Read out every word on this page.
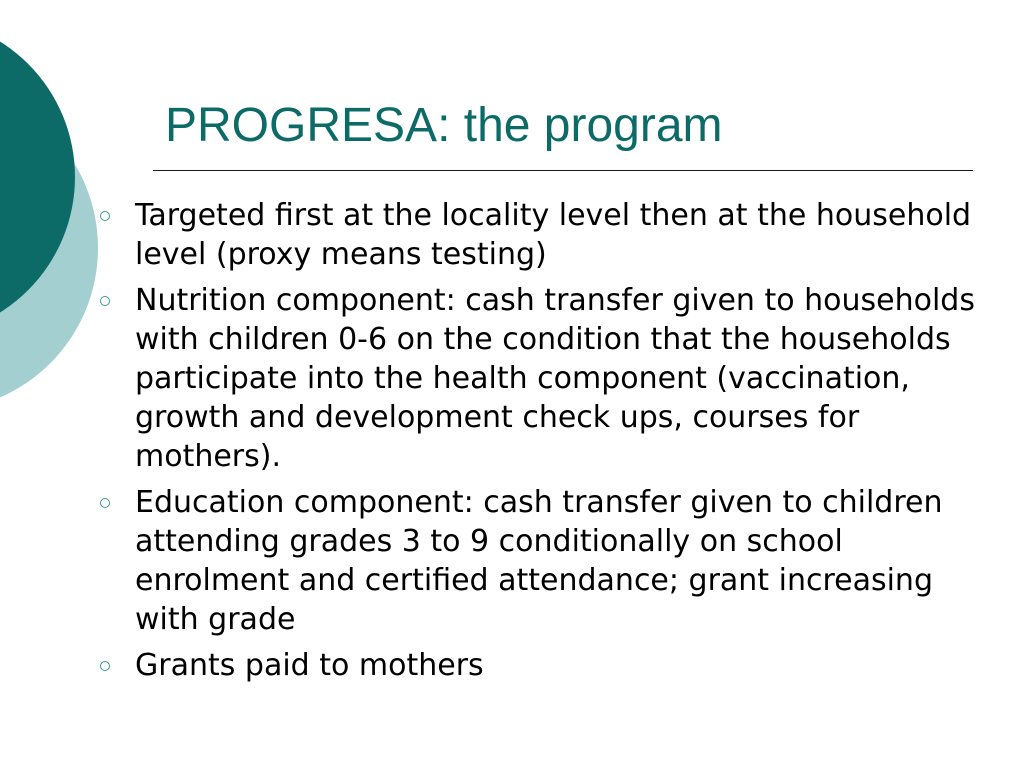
PROGRESA: the program
Targeted first at the locality level then at the household level (proxy means testing)
Nutrition component: cash transfer given to households with children 0-6 on the condition that the households participate into the health component (vaccination, growth and development check ups, courses for mothers).
Education component: cash transfer given to children attending grades 3 to 9 conditionally on school enrolment and certified attendance; grant increasing with grade
Grants paid to mothers
